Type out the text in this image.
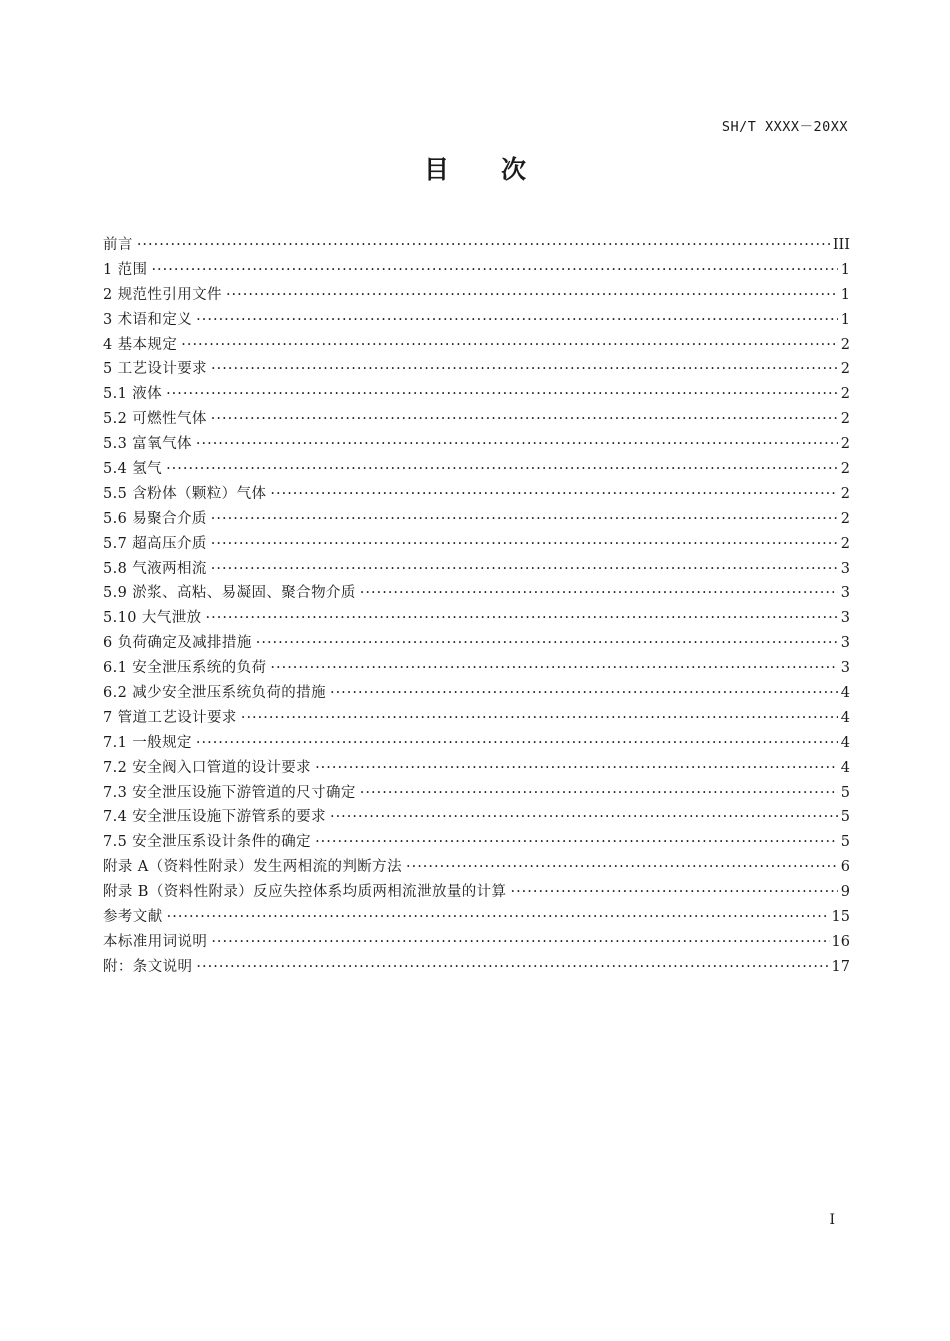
SH/T XXXX－20XX
目次
前言 ·····	III
1 范围 ·····	1
2 规范性引用文件 ·····	1
3 术语和定义 ·····	1
4 基本规定 ·····	2
5 工艺设计要求 ·····	2
5.1 液体 ·····	2
5.2 可燃性气体 ·····	2
5.3 富氧气体 ·····	2
5.4 氢气 ·····	2
5.5 含粉体（颗粒）气体 ·····	2
5.6 易聚合介质 ·····	2
5.7 超高压介质 ·····	2
5.8 气液两相流 ·····	3
5.9 淤浆、高粘、易凝固、聚合物介质 ·····	3
5.10 大气泄放 ·····	3
6 负荷确定及减排措施 ·····	3
6.1 安全泄压系统的负荷 ·····	3
6.2 减少安全泄压系统负荷的措施 ·····	4
7 管道工艺设计要求 ·····	4
7.1 一般规定 ·····	4
7.2 安全阀入口管道的设计要求 ·····	4
7.3 安全泄压设施下游管道的尺寸确定 ·····	5
7.4 安全泄压设施下游管系的要求 ·····	5
7.5 安全泄压系设计条件的确定 ·····	5
附录 A（资料性附录）发生两相流的判断方法 ·····	6
附录 B（资料性附录）反应失控体系均质两相流泄放量的计算 ·····	9
参考文献 ·····	15
本标准用词说明 ·····	16
附：条文说明 ·····	17
I
